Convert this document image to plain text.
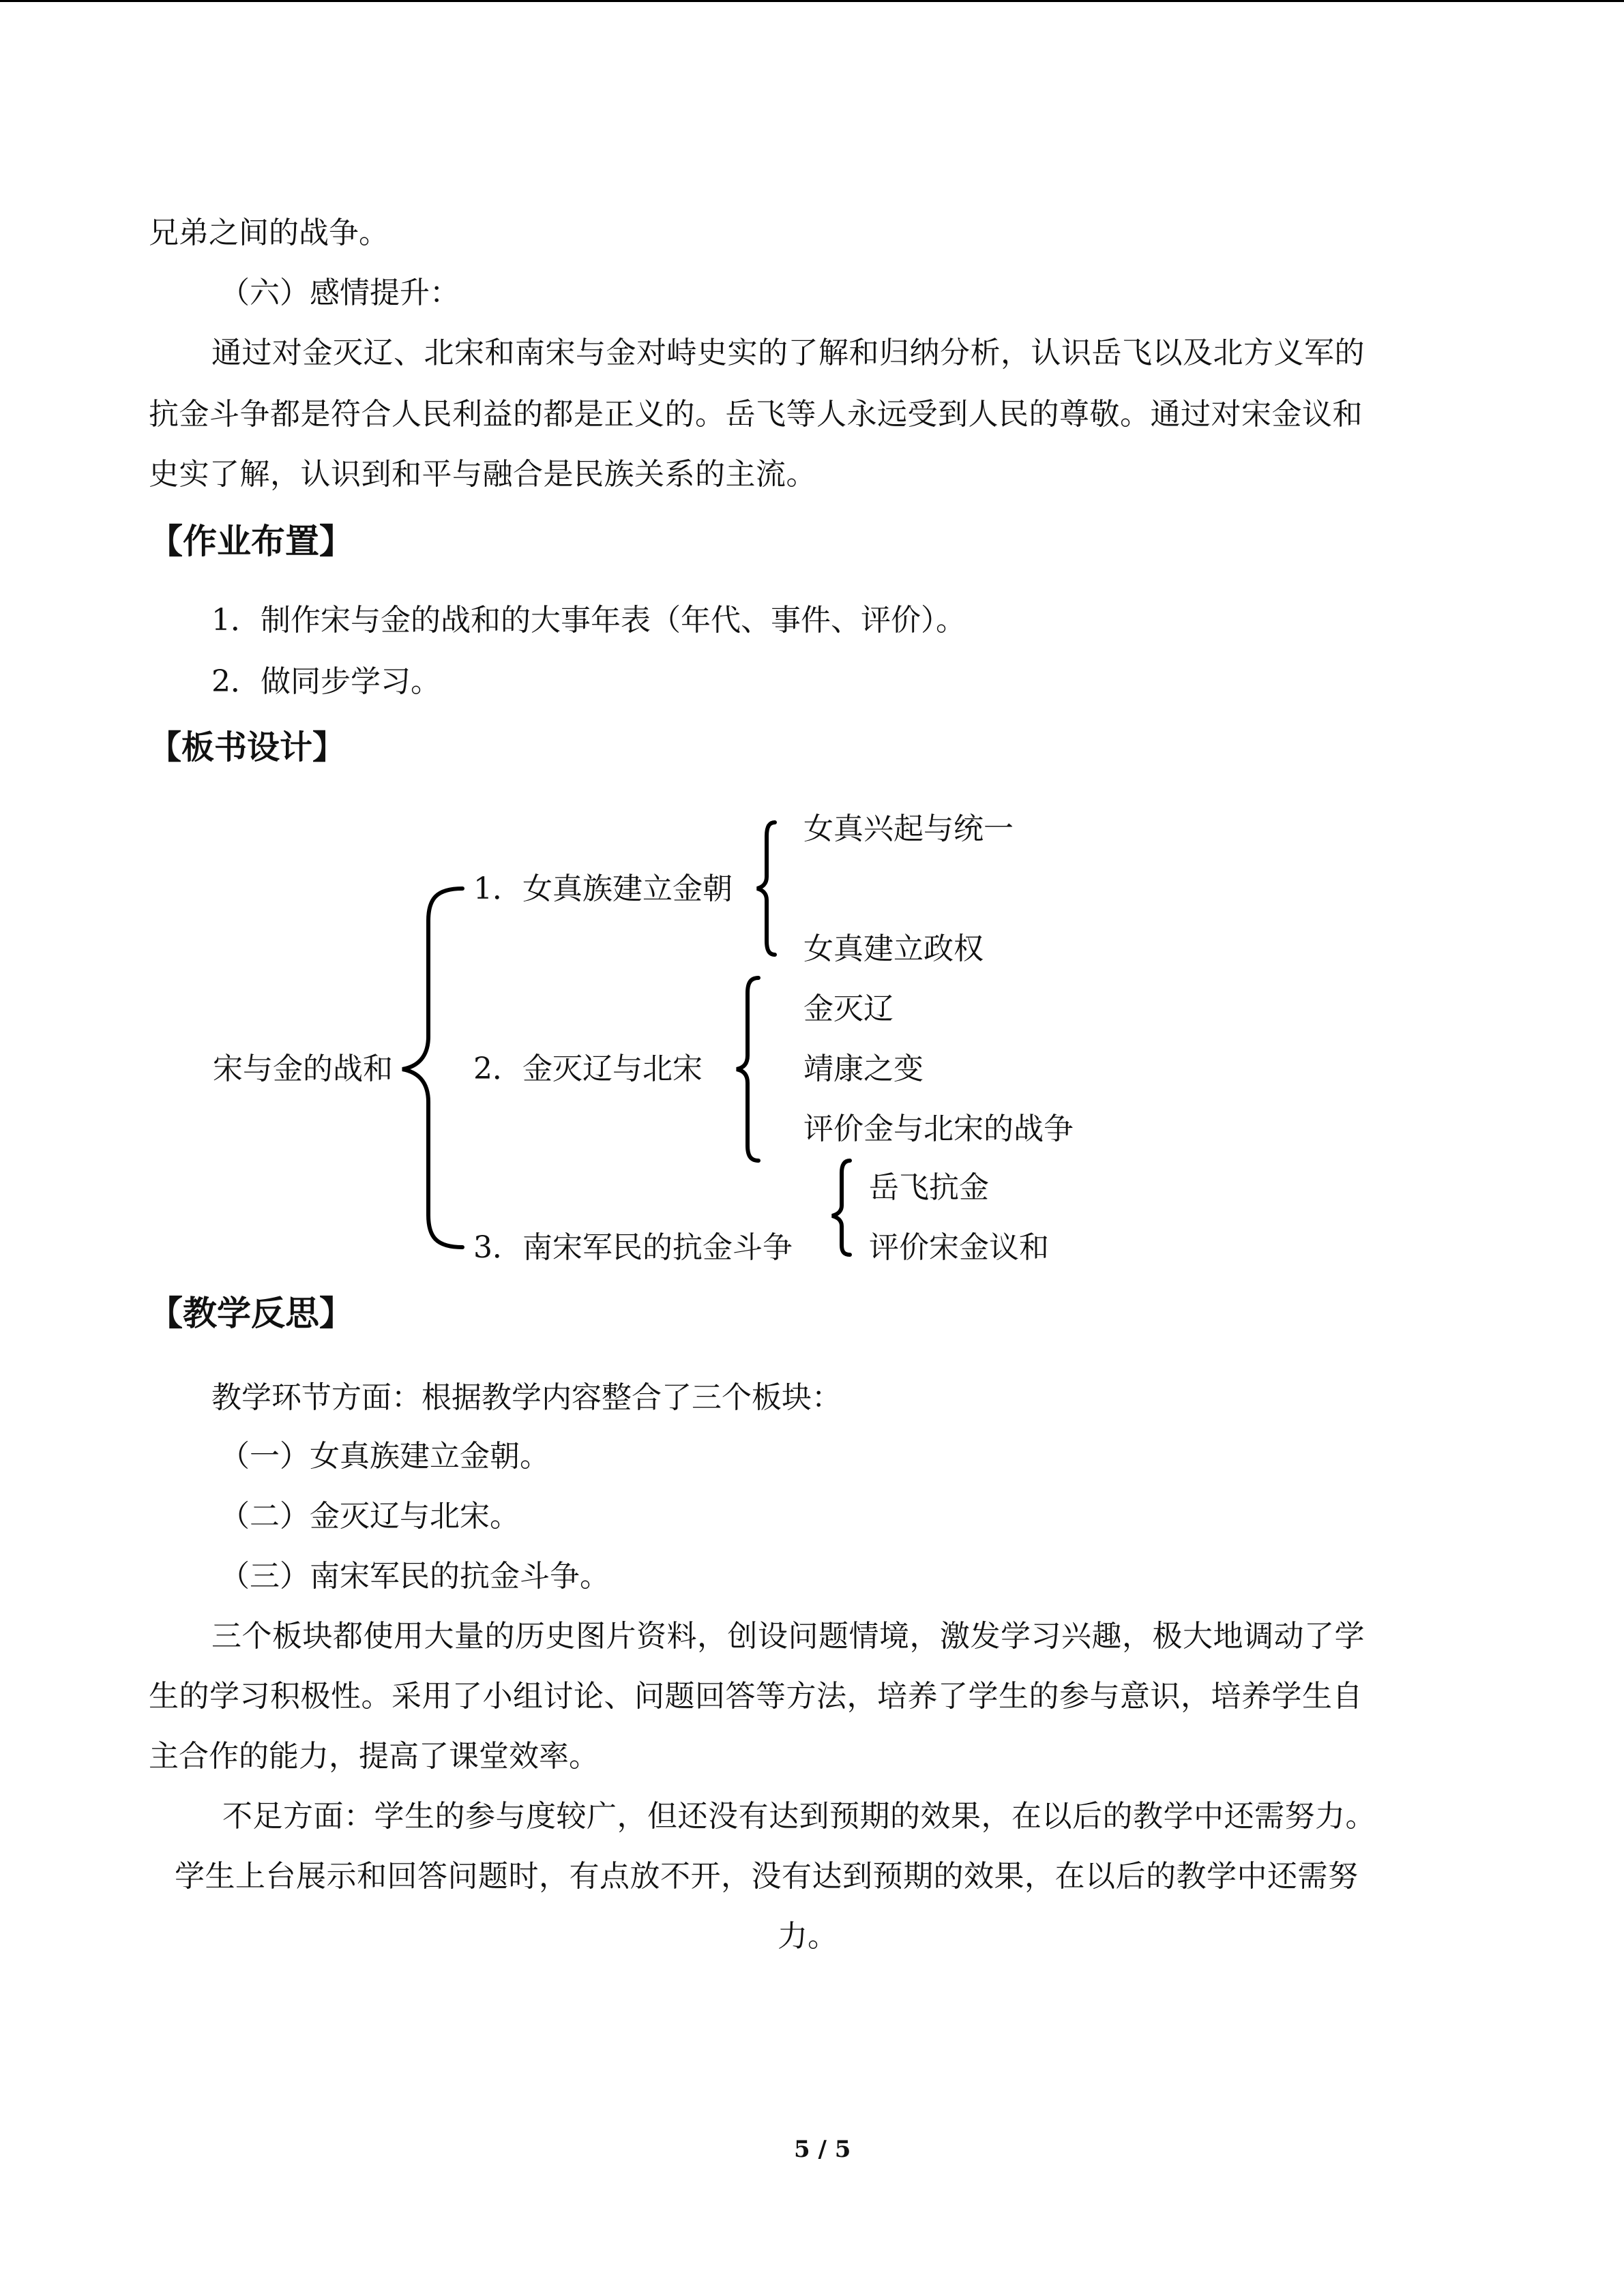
兄弟之间的战争。

（六）感情提升：

通过对金灭辽、北宋和南宋与金对峙史实的了解和归纳分析，认识岳飞以及北方义军的

抗金斗争都是符合人民利益的都是正义的。岳飞等人永远受到人民的尊敬。通过对宋金议和

史实了解，认识到和平与融合是民族关系的主流。

【作业布置】

1．制作宋与金的战和的大事年表（年代、事件、评价）。

2．做同步学习。

【板书设计】
宋与金的战和
1．女真族建立金朝
2．金灭辽与北宋
3．南宋军民的抗金斗争
女真兴起与统一
女真建立政权
金灭辽
靖康之变
评价金与北宋的战争
岳飞抗金
评价宋金议和
【教学反思】

教学环节方面：根据教学内容整合了三个板块：

（一）女真族建立金朝。

（二）金灭辽与北宋。

（三）南宋军民的抗金斗争。

三个板块都使用大量的历史图片资料，创设问题情境，激发学习兴趣，极大地调动了学

生的学习积极性。采用了小组讨论、问题回答等方法，培养了学生的参与意识，培养学生自

主合作的能力，提高了课堂效率。

不足方面：学生的参与度较广，但还没有达到预期的效果，在以后的教学中还需努力。

学生上台展示和回答问题时，有点放不开，没有达到预期的效果，在以后的教学中还需努

力。

5 / 5
